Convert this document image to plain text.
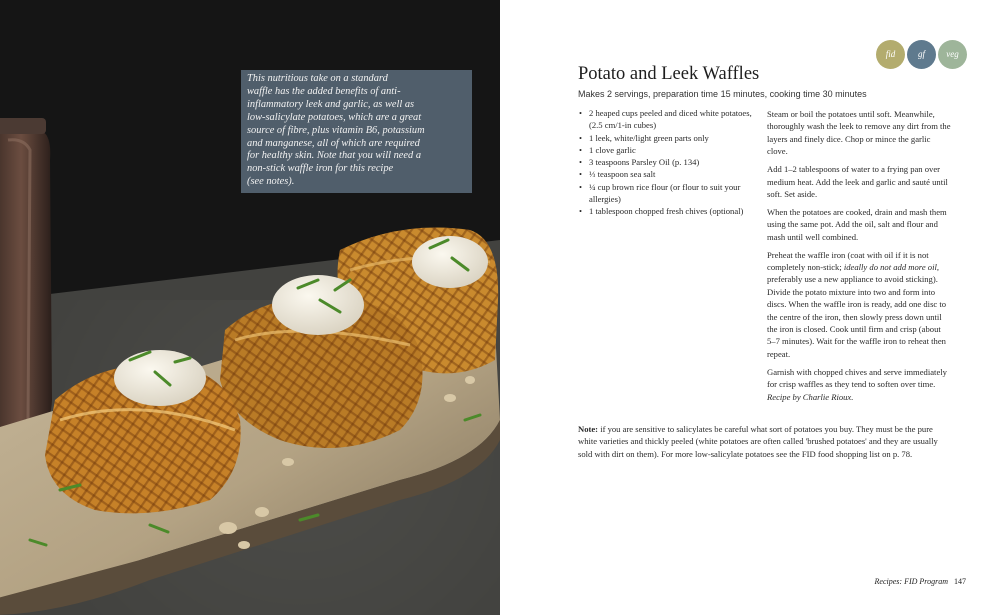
This nutritious take on a standard
waffle has the added benefits of anti-
inflammatory leek and garlic, as well as
low-salicylate potatoes, which are a great
source of fibre, plus vitamin B6, potassium
and manganese, all of which are required
for healthy skin. Note that you will need a
non-stick waffle iron for this recipe
(see notes).

fid	gf	veg
Potato and Leek Waffles

Makes 2 servings, preparation time 15 minutes, cooking time 30 minutes

• 2 heaped cups peeled and diced white potatoes, (2.5 cm/1-in cubes)
• 1 leek, white/light green parts only
• 1 clove garlic
• 3 teaspoons Parsley Oil (p. 134)
• ⅓ teaspoon sea salt
• ¼ cup brown rice flour (or flour to suit your allergies)
• 1 tablespoon chopped fresh chives (optional)

Steam or boil the potatoes until soft. Meanwhile, thoroughly wash the leek to remove any dirt from the layers and finely dice. Chop or mince the garlic clove.

Add 1–2 tablespoons of water to a frying pan over medium heat. Add the leek and garlic and sauté until soft. Set aside.

When the potatoes are cooked, drain and mash them using the same pot. Add the oil, salt and flour and mash until well combined.

Preheat the waffle iron (coat with oil if it is not completely non-stick; ideally do not add more oil, preferably use a new appliance to avoid sticking). Divide the potato mixture into two and form into discs. When the waffle iron is ready, add one disc to the centre of the iron, then slowly press down until the iron is closed. Cook until firm and crisp (about 5–7 minutes). Wait for the waffle iron to reheat then repeat.

Garnish with chopped chives and serve immediately for crisp waffles as they tend to soften over time.
Recipe by Charlie Rioux.

Note: if you are sensitive to salicylates be careful what sort of potatoes you buy. They must be the pure white varieties and thickly peeled (white potatoes are often called 'brushed potatoes' and they are usually sold with dirt on them). For more low-salicylate potatoes see the FID food shopping list on p. 78.

Recipes: FID Program 147
